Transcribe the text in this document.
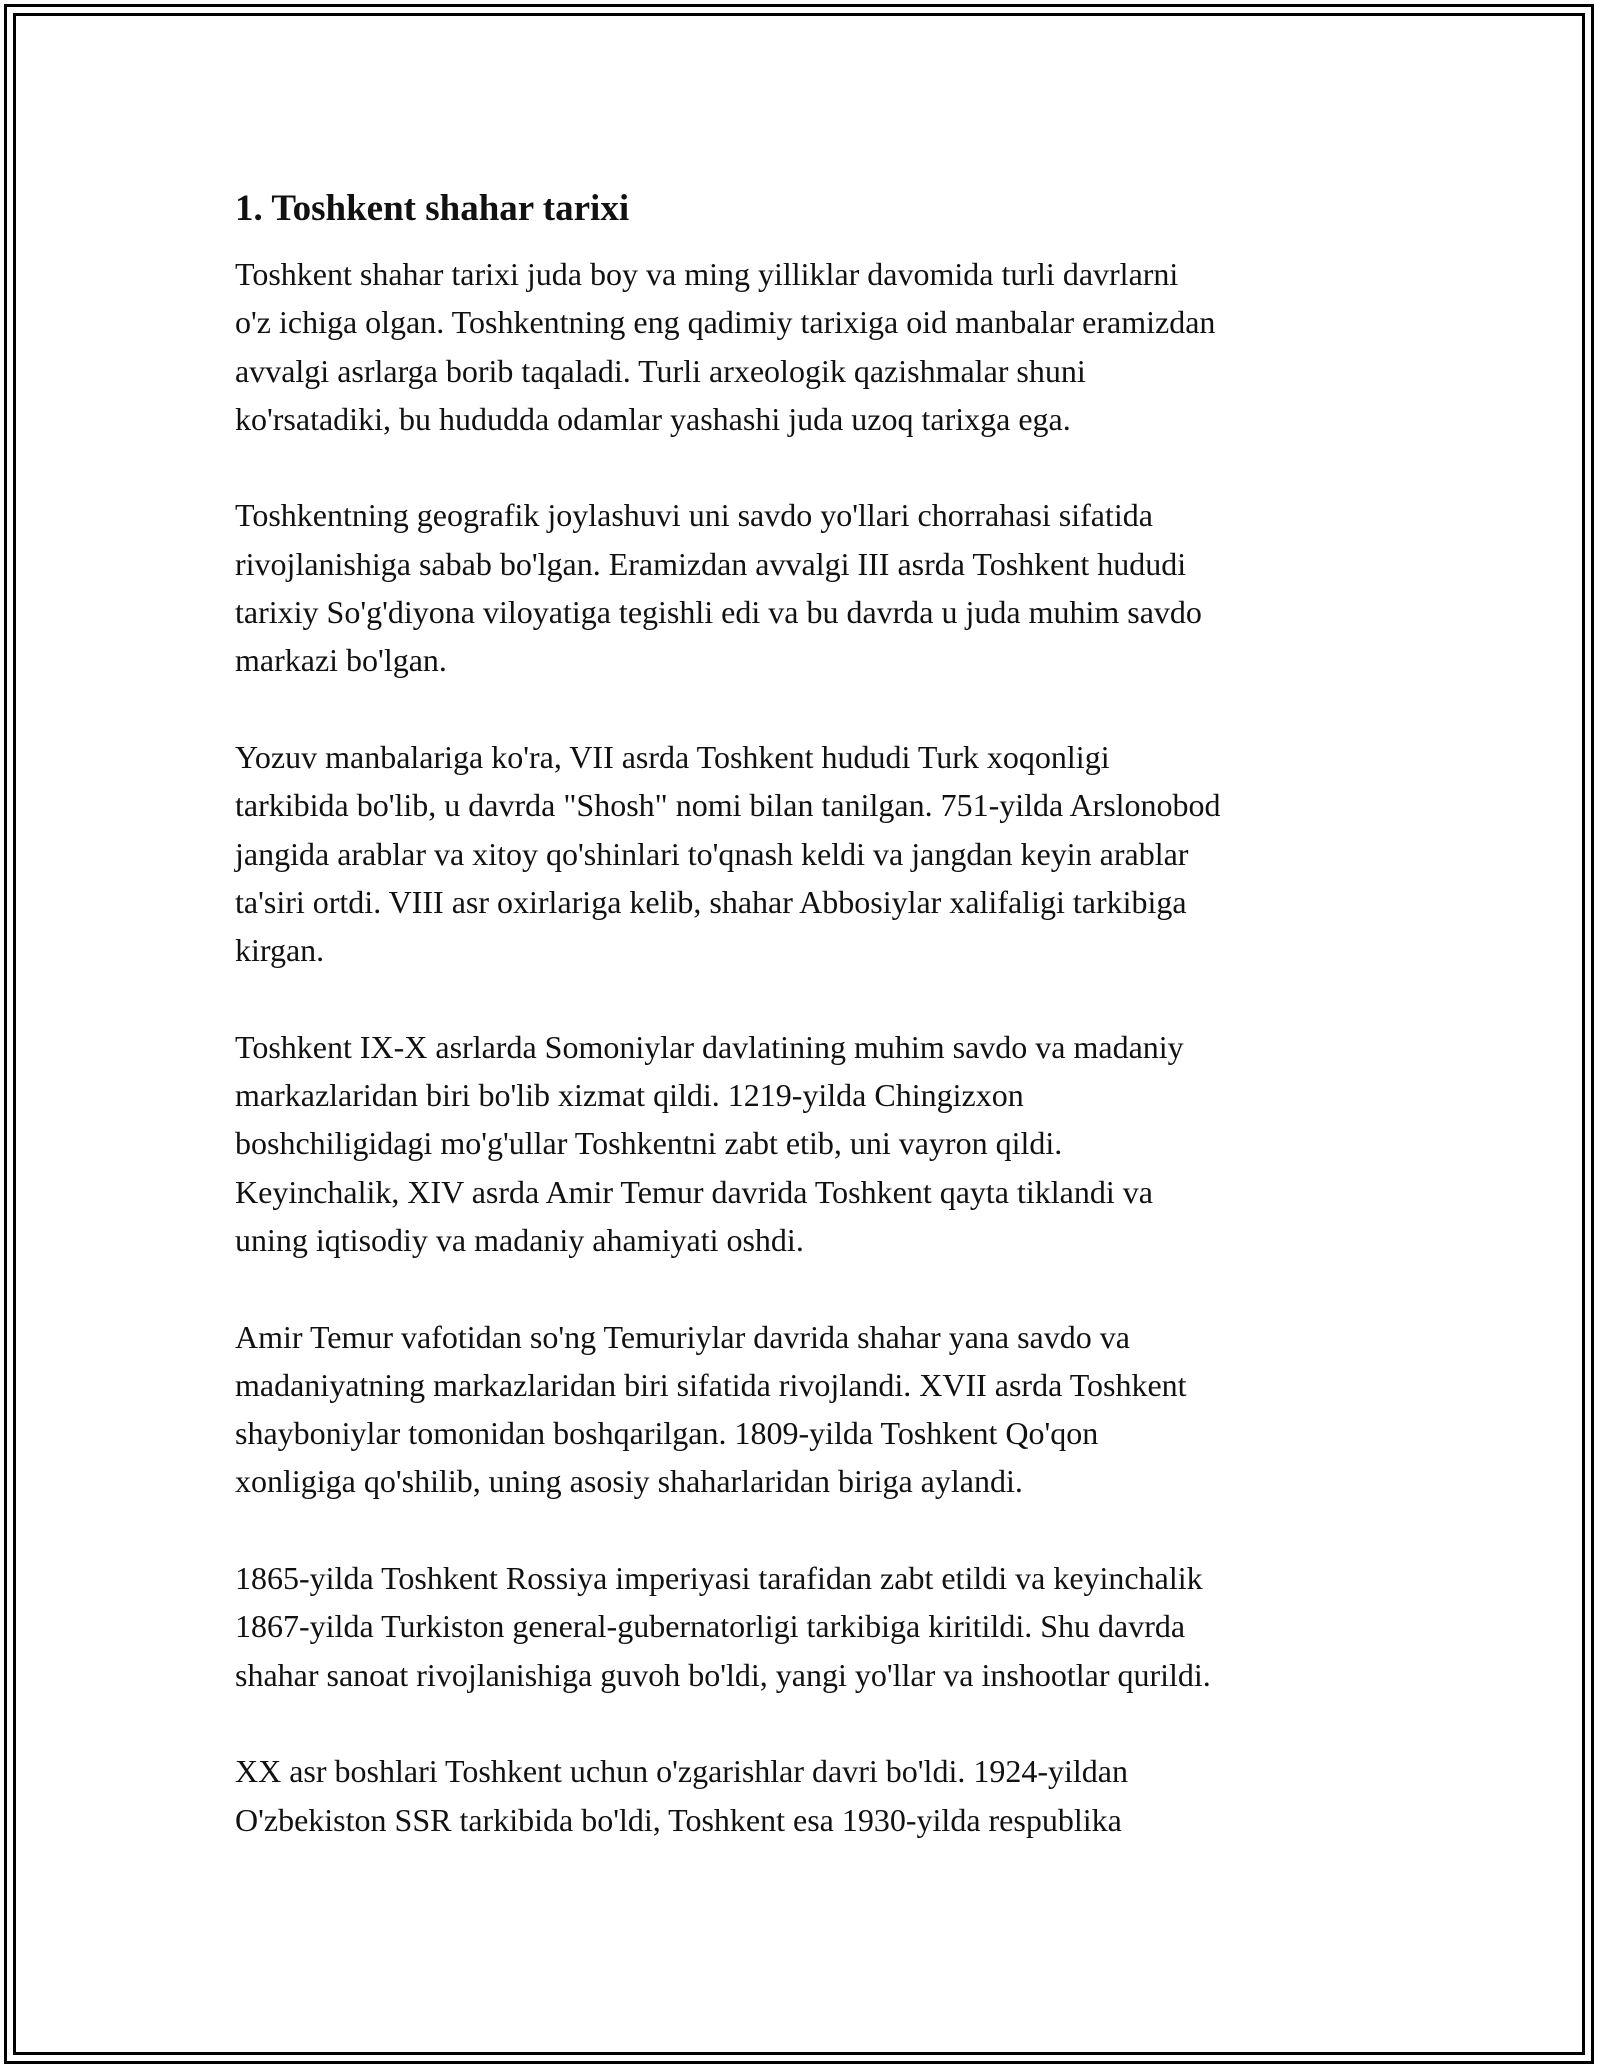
1. Toshkent shahar tarixi

Toshkent shahar tarixi juda boy va ming yilliklar davomida turli davrlarni
o'z ichiga olgan. Toshkentning eng qadimiy tarixiga oid manbalar eramizdan
avvalgi asrlarga borib taqaladi. Turli arxeologik qazishmalar shuni
ko'rsatadiki, bu hududda odamlar yashashi juda uzoq tarixga ega.

Toshkentning geografik joylashuvi uni savdo yo'llari chorrahasi sifatida
rivojlanishiga sabab bo'lgan. Eramizdan avvalgi III asrda Toshkent hududi
tarixiy So'g'diyona viloyatiga tegishli edi va bu davrda u juda muhim savdo
markazi bo'lgan.

Yozuv manbalariga ko'ra, VII asrda Toshkent hududi Turk xoqonligi
tarkibida bo'lib, u davrda "Shosh" nomi bilan tanilgan. 751-yilda Arslonobod
jangida arablar va xitoy qo'shinlari to'qnash keldi va jangdan keyin arablar
ta'siri ortdi. VIII asr oxirlariga kelib, shahar Abbosiylar xalifaligi tarkibiga
kirgan.

Toshkent IX-X asrlarda Somoniylar davlatining muhim savdo va madaniy
markazlaridan biri bo'lib xizmat qildi. 1219-yilda Chingizxon
boshchiligidagi mo'g'ullar Toshkentni zabt etib, uni vayron qildi.
Keyinchalik, XIV asrda Amir Temur davrida Toshkent qayta tiklandi va
uning iqtisodiy va madaniy ahamiyati oshdi.

Amir Temur vafotidan so'ng Temuriylar davrida shahar yana savdo va
madaniyatning markazlaridan biri sifatida rivojlandi. XVII asrda Toshkent
shayboniylar tomonidan boshqarilgan. 1809-yilda Toshkent Qo'qon
xonligiga qo'shilib, uning asosiy shaharlaridan biriga aylandi.

1865-yilda Toshkent Rossiya imperiyasi tarafidan zabt etildi va keyinchalik
1867-yilda Turkiston general-gubernatorligi tarkibiga kiritildi. Shu davrda
shahar sanoat rivojlanishiga guvoh bo'ldi, yangi yo'llar va inshootlar qurildi.

XX asr boshlari Toshkent uchun o'zgarishlar davri bo'ldi. 1924-yildan
O'zbekiston SSR tarkibida bo'ldi, Toshkent esa 1930-yilda respublika
